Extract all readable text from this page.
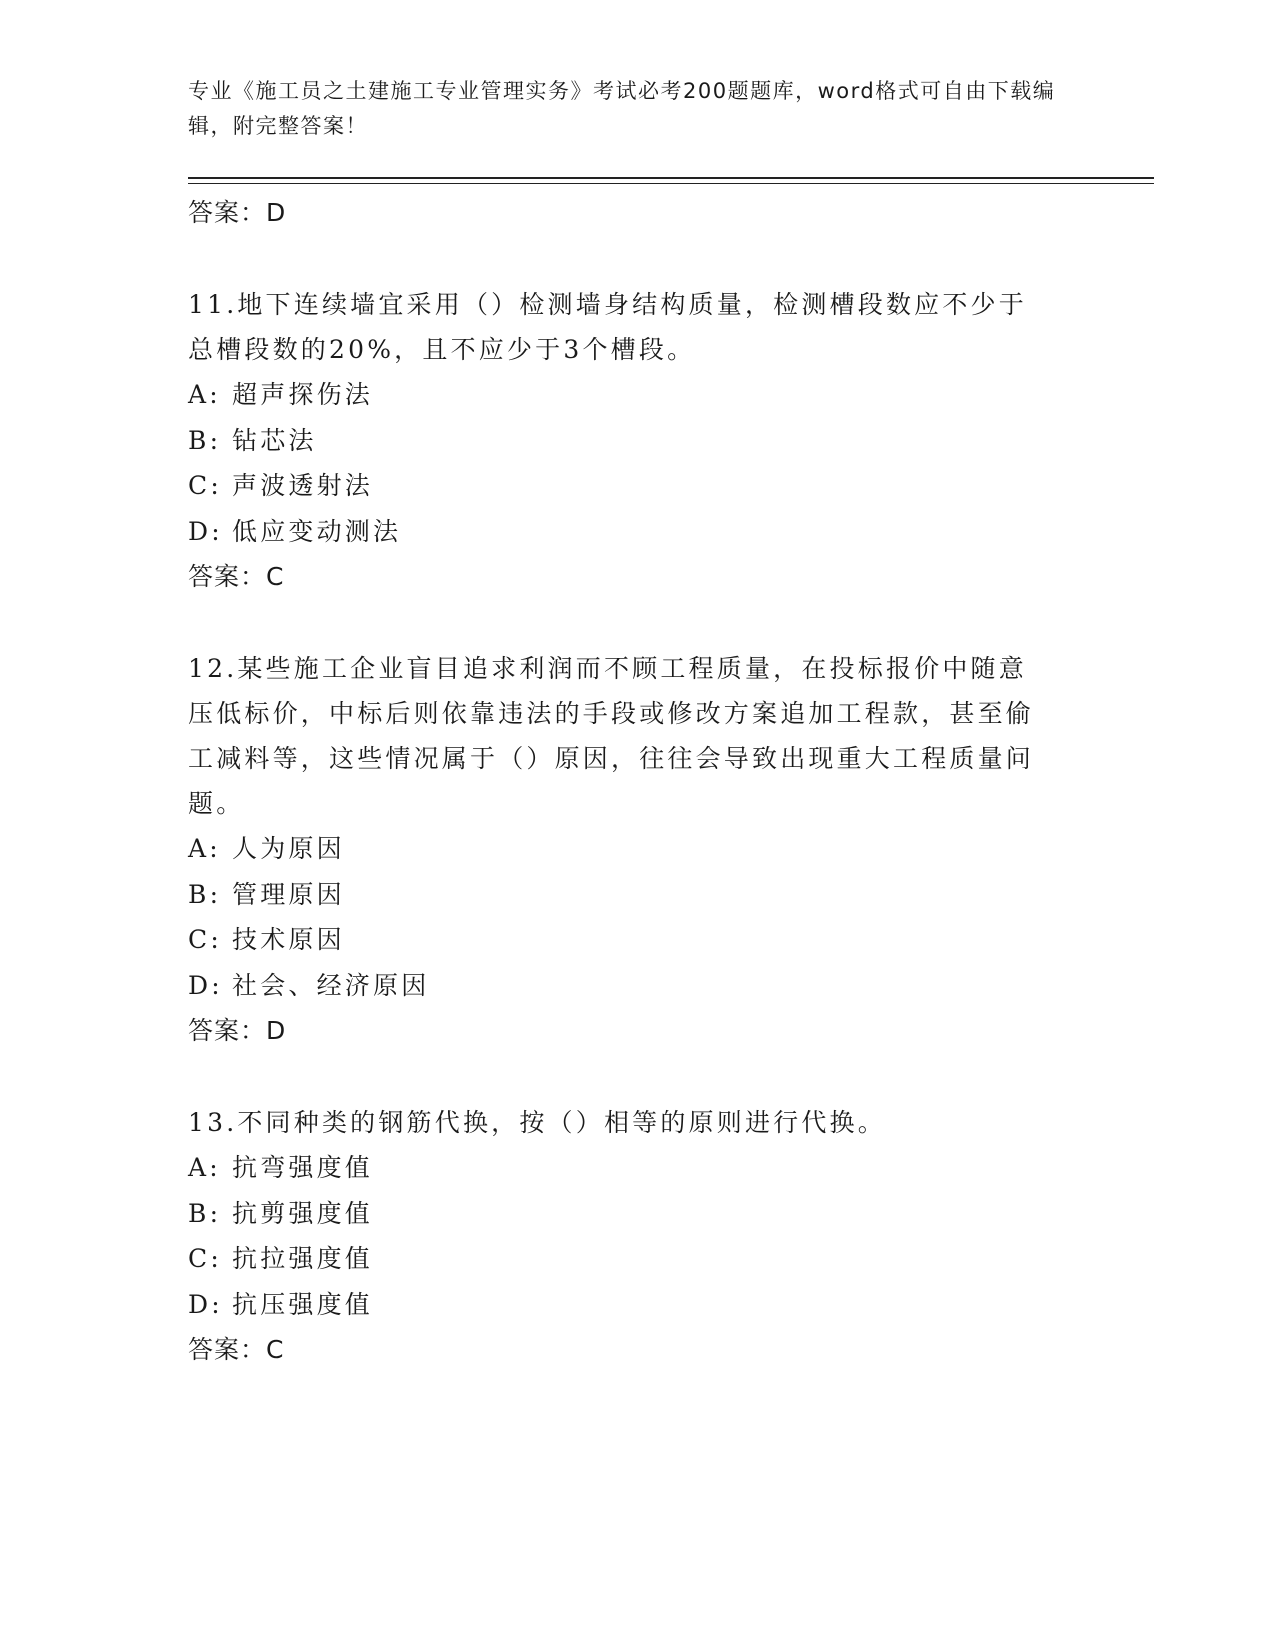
专业《施工员之土建施工专业管理实务》考试必考200题题库，word格式可自由下载编辑，附完整答案！
答案：D

11.地下连续墙宜采用（）检测墙身结构质量，检测槽段数应不少于总槽段数的20%，且不应少于3个槽段。

A: 超声探伤法
B: 钻芯法
C: 声波透射法
D: 低应变动测法
答案：C

12.某些施工企业盲目追求利润而不顾工程质量，在投标报价中随意压低标价，中标后则依靠违法的手段或修改方案追加工程款，甚至偷工减料等，这些情况属于（）原因，往往会导致出现重大工程质量问题。

A: 人为原因
B: 管理原因
C: 技术原因
D: 社会、经济原因
答案：D

13.不同种类的钢筋代换，按（）相等的原则进行代换。

A: 抗弯强度值
B: 抗剪强度值
C: 抗拉强度值
D: 抗压强度值
答案：C
